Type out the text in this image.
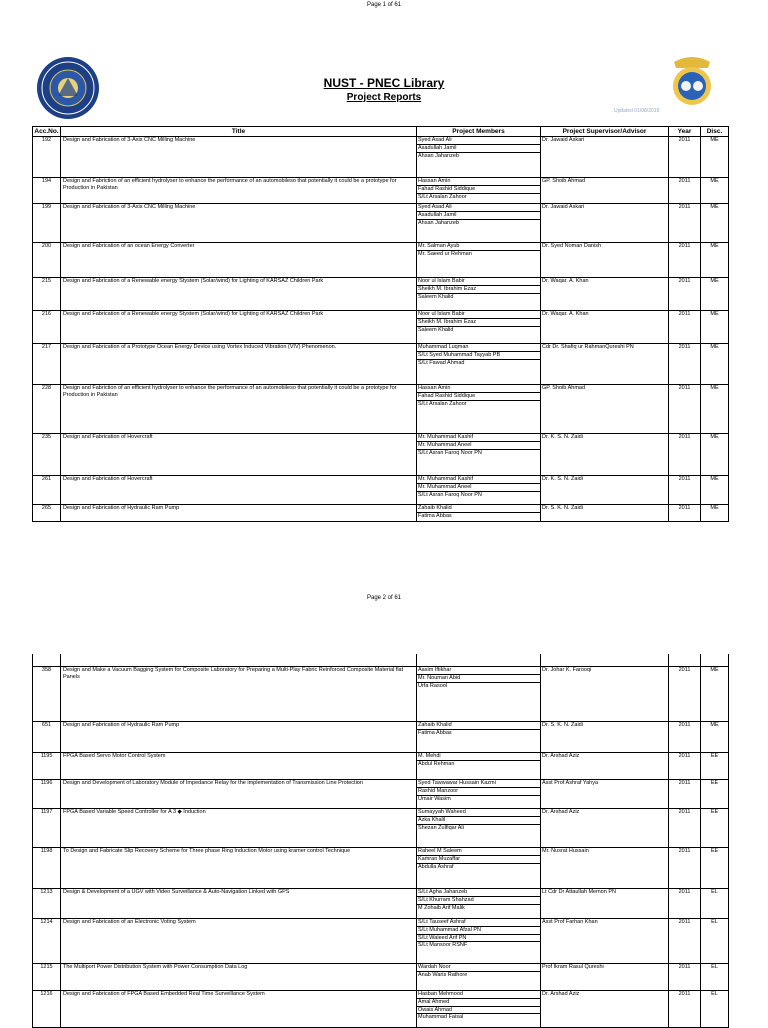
Page 1 of 61
NUST - PNEC Library
Project Reports
Updated 01/08/2019
Acc.No.	Title	Project Members	Project Supervisor/Advisor	Year	Disc.

192	Design and Fabrication of 3-Axis CNC Milling Machine	Syed Asad Ali
Asadullah Jamil
Ahsan Jahanzeb	Dr. Jawaid Askari	2011	ME

194	Design and Fabriction of an efficient hydrolyser to enhance the performance of an automobileso that potentially it could be a prototype for Production in Pakistan	Hassan Amin
Fahad Rashid Siddique
S/Lt Arsalan Zahoor	GP. Shoib Ahmad	2011	ME

199	Design and Fabrication of 3-Axis CNC Milling Machine	Syed Asad Ali
Asadullah Jamil
Ahsan Jahanzeb	Dr. Jawaid Askari	2011	ME

200	Design and Fabrication of an ocean Energy Converter	Mr. Salman Ayub
Mr. Saeed ur Rehman	Dr. Syed Noman Danish	2011	ME

215	Design and Fabrication of a Renewable energy Stystem (Solar/wind) for Lighting of KARSAZ Children Park	Noor ul Islam Babir
Sheikh M. Ibrahim Ezaz
Saleem Khalid	Dr. Waqar. A. Khan	2011	ME

216	Design and Fabrication of a Renewable energy Stystem (Solar/wind) for Lighting of KARSAZ Children Park	Noor ul Islam Babir
Sheikh M. Ibrahim Ezaz
Saleem Khalid	Dr. Waqar. A. Khan	2011	ME

217	Design and Fabrication of a Prototype Ocean Energy Device using Vortex Induced Vibration (VIV) Phenomenon.	Muhammad Luqman
S/Lt Syed Muhammad Tayyab PB
S/Lt Fawad Ahmad	Cdr Dr. Shafiq ur RahmanQureshi PN	2011	ME

228	Design and Fabriction of an efficient hydrolyser to enhance the performance of an automobileso that potentially it could be a prototype for Production in Pakistan	Hassan Amin
Fahad Rashid Siddique
S/Lt Arsalan Zahoor	GP. Shoib Ahmad	2011	ME

235	Design and Fabrication of Hovercraft	Mr. Muhammad Kashif
Mr. Muhammad Aneel
S/Lt Asran Faroq Noor PN	Dr. K. S. N. Zaidi	2011	ME

261	Design and Fabrication of Hovercraft	Mr. Muhammad Kashif
Mr. Muhammad Aneel
S/Lt Asran Faroq Noor PN	Dr. K. S. N. Zaidi	2011	ME

265	Design and Fabrication of Hydraulic Ram Pump	Zahaib Khalid
Fatima Abbas	Dr. S. K. N. Zaidi	2011	ME
Page 2 of 61

358	Design and Make a Vacuum Bagging System for Composite Laboratory for Preparing a Multi-Play Fabric Reinforced Composite Material flat Panels	Aasim Iftikhar
Mr. Nouman Abid
Urfa Rasool	Dr. Johar K. Farooqi	2011	ME

651	Design and Fabrication of Hydraulic Ram Pump	Zahaib Khalid
Fatima Abbas	Dr. S. K. N. Zaidi	2011	ME

1195	FPGA Based Servo Motor Control System	M. Mehdi
Abdul Rehman	Dr. Arshad Aziz	2011	EE

1196	Design and Development of Laboratory Module of Impedance Relay for the implementation of Transmission Line Protection	Syed Tawwawar Hussain Kazmi
Rashid Manzoor
Umair Wasim	Asst Prof Ashraf Yahya	2011	EE

1197	FPGA Based Variable Speed Controller for A 3 ◆ Induction	Sumayyah Waheed
Azka Khalil
Shezan Zulfiqar Ali	Dr. Arshad Aziz	2011	EE

1198	To Design and Fabricate Slip Recovery Scheme for Three phase Ring Induction Motor using kramer control Technique	Raheel M Saleem
Kamran Muzaffar
Abdulla Ashraf	Mr. Nusrat Hussain	2011	EE

1213	Design & Development of a UGV with Video Surveillance & Auto-Navigation Linked with GPS	S/Lt Agha Jahanzeb
S/Lt Khurram Shahzad
M Zohaib Arif Malik	Lt Cdr Dr Attaullah Memon PN	2011	EL

1214	Design and Fabrication of an Electronic Voting System	S/Lt Tauseef Ashraf
S/Lt Muhammad Afzal PN
S/Lt Waleed Arif PN
S/Lt Mansoor RSNF	Asst Prof Farhan Khan	2011	EL

1215	The Multiport Power Distribution System with Power Consumption Data Log	Wardah Noor
Anab Waris Rathore	Prof Ikram Rasul Qureshi	2011	EL

1216	Design and Fabrication of FPGA Based Embedded Real Time Surveillance System	Hasban Mehmood
Amal Ahmed
Owais Ahmad
Muhammad Faisal	Dr. Arshad Aziz	2011	EL
